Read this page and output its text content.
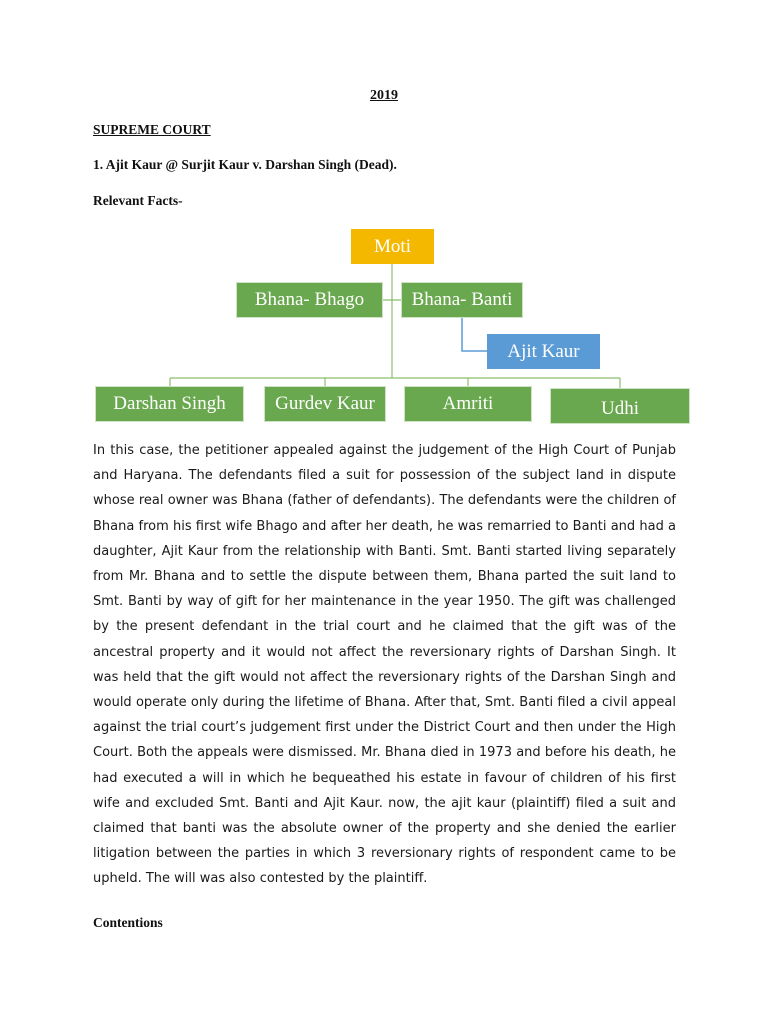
2019
SUPREME COURT
1. Ajit Kaur @ Surjit Kaur v. Darshan Singh (Dead).
Relevant Facts-
Moti
Bhana- Bhago	Bhana- Banti
Ajit Kaur
Darshan Singh	Gurdev Kaur	Amriti	Udhi
In this case, the petitioner appealed against the judgement of the High Court of Punjab and Haryana. The defendants filed a suit for possession of the subject land in dispute whose real owner was Bhana (father of defendants). The defendants were the children of Bhana from his first wife Bhago and after her death, he was remarried to Banti and had a daughter, Ajit Kaur from the relationship with Banti. Smt. Banti started living separately from Mr. Bhana and to settle the dispute between them, Bhana parted the suit land to Smt. Banti by way of gift for her maintenance in the year 1950. The gift was challenged by the present defendant in the trial court and he claimed that the gift was of the ancestral property and it would not affect the reversionary rights of Darshan Singh. It was held that the gift would not affect the reversionary rights of the Darshan Singh and would operate only during the lifetime of Bhana. After that, Smt. Banti filed a civil appeal against the trial court’s judgement first under the District Court and then under the High Court. Both the appeals were dismissed. Mr. Bhana died in 1973 and before his death, he had executed a will in which he bequeathed his estate in favour of children of his first wife and excluded Smt. Banti and Ajit Kaur. now, the ajit kaur (plaintiff) filed a suit and claimed that banti was the absolute owner of the property and she denied the earlier litigation between the parties in which 3 reversionary rights of respondent came to be upheld. The will was also contested by the plaintiff.
Contentions
